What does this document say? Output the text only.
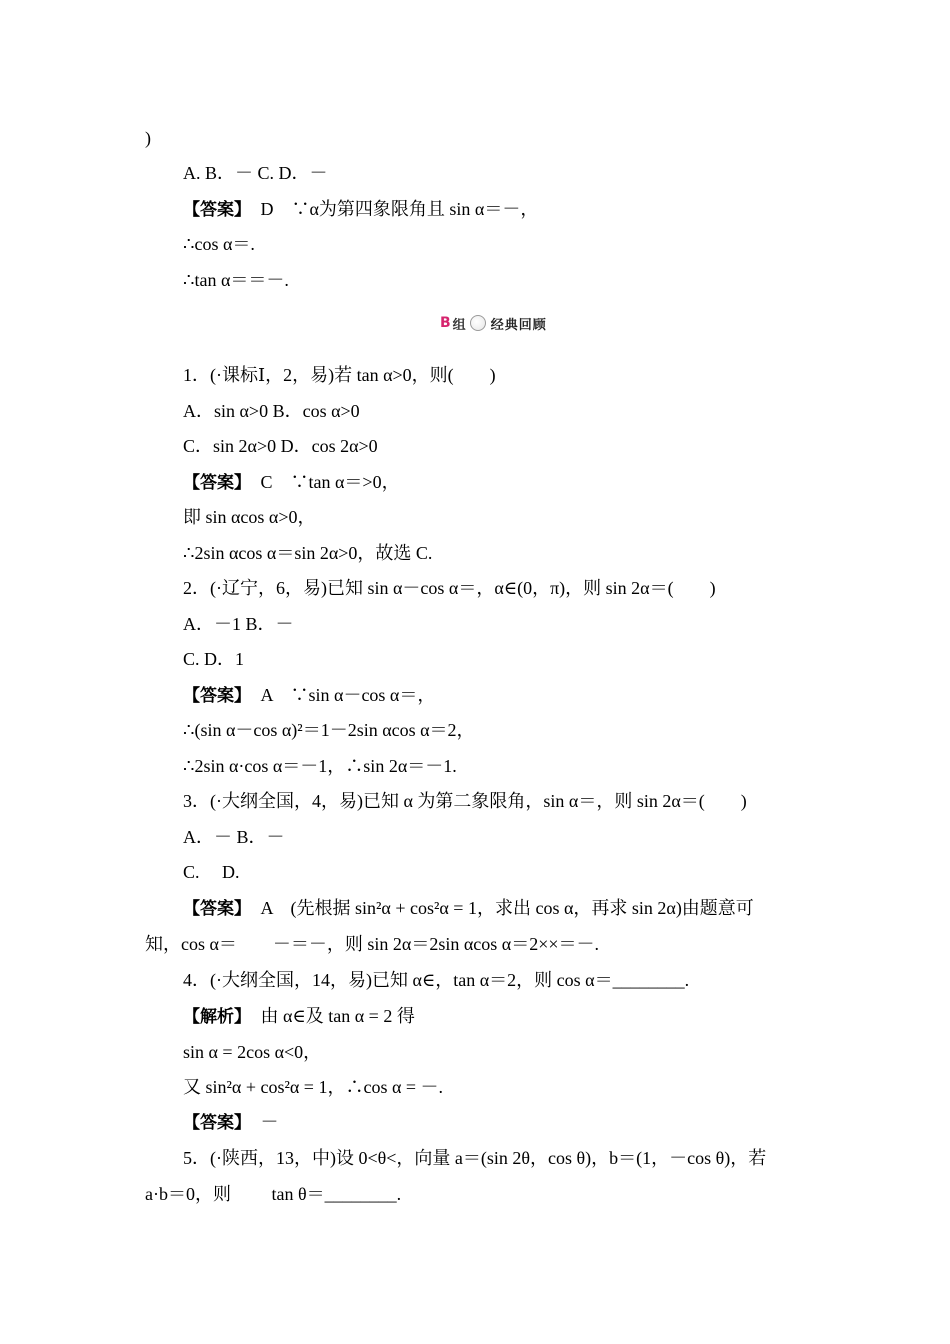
)
A. B．－ C. D．－
【答案】　D　∵α为第四象限角且 sin α＝－，
∴cos α＝.
∴tan α＝＝－.
B 组 经典回顾
1．(·课标Ⅰ，2，易)若 tan α>0，则(　　)
A．sin α>0 B．cos α>0
C．sin 2α>0 D．cos 2α>0
【答案】　C　∵tan α＝>0，
即 sin αcos α>0，
∴2sin αcos α＝sin 2α>0，故选 C.
2．(·辽宁，6，易)已知 sin α－cos α＝，α∈(0，π)，则 sin 2α＝(　　)
A．－1 B．－
C. D．1
【答案】　A　∵sin α－cos α＝，
∴(sin α－cos α)²＝1－2sin αcos α＝2，
∴2sin α·cos α＝－1，∴sin 2α＝－1.
3．(·大纲全国，4，易)已知 α 为第二象限角，sin α＝，则 sin 2α＝(　　)
A．－ B．－
C.　 D.
【答案】　A　(先根据 sin²α + cos²α = 1，求出 cos α，再求 sin 2α)由题意可
知，cos α＝　　－＝－，则 sin 2α＝2sin αcos α＝2××＝－.
4．(·大纲全国，14，易)已知 α∈，tan α＝2，则 cos α＝________.
【解析】　由 α∈及 tan α = 2 得
sin α = 2cos α<0，
又 sin²α + cos²α = 1，∴cos α = －.
【答案】　－
5．(·陕西，13，中)设 0<θ<，向量 a＝(sin 2θ，cos θ)，b＝(1，－cos θ)，若
a·b＝0，则　　 tan θ＝________.
